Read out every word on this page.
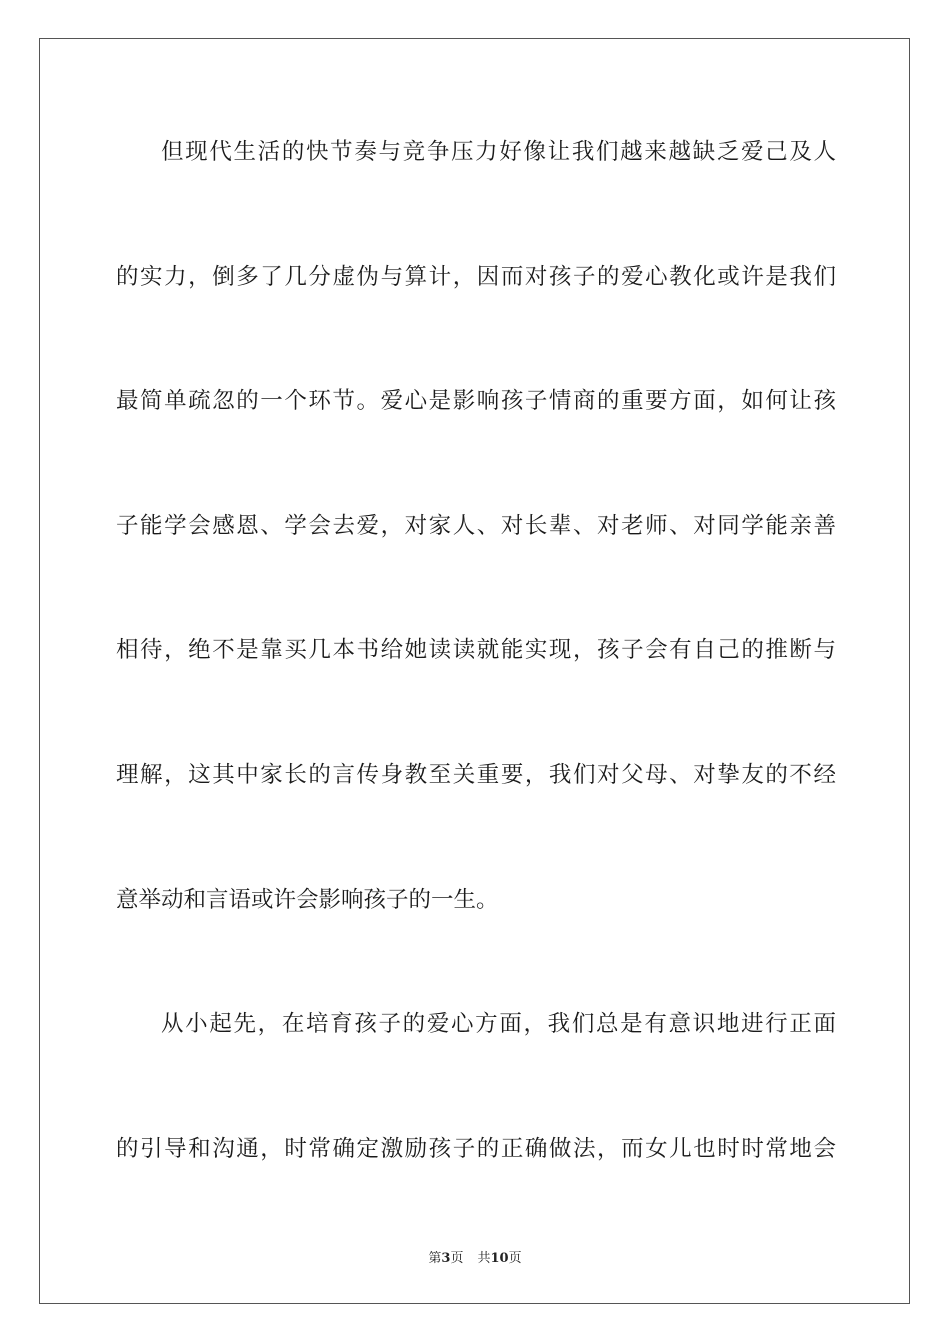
但现代生活的快节奏与竞争压力好像让我们越来越缺乏爱己及人
的实力，倒多了几分虚伪与算计，因而对孩子的爱心教化或许是我们
最简单疏忽的一个环节。爱心是影响孩子情商的重要方面，如何让孩
子能学会感恩、学会去爱，对家人、对长辈、对老师、对同学能亲善
相待，绝不是靠买几本书给她读读就能实现，孩子会有自己的推断与
理解，这其中家长的言传身教至关重要，我们对父母、对挚友的不经
意举动和言语或许会影响孩子的一生。
从小起先，在培育孩子的爱心方面，我们总是有意识地进行正面
的引导和沟通，时常确定激励孩子的正确做法，而女儿也时时常地会
第3页 共10页
